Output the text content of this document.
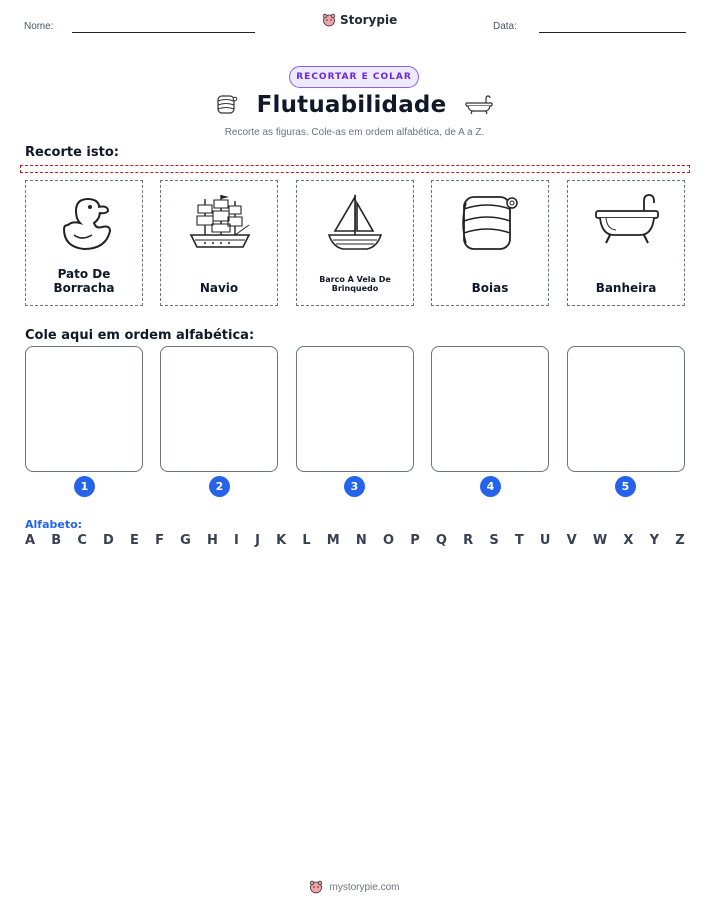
Nome:	Storypie	Data:
RECORTAR E COLAR
Flutuabilidade
Recorte as figuras. Cole-as em ordem alfabética, de A a Z.
Recorte isto:
Pato De Borracha	Navio
Barco À Vela De Brinquedo	Boias	Banheira
Cole aqui em ordem alfabética:
1	2	3	4	5
Alfabeto:
A B C D E F G H I J K L M N O P Q R S T U V W X Y Z
mystorypie.com
